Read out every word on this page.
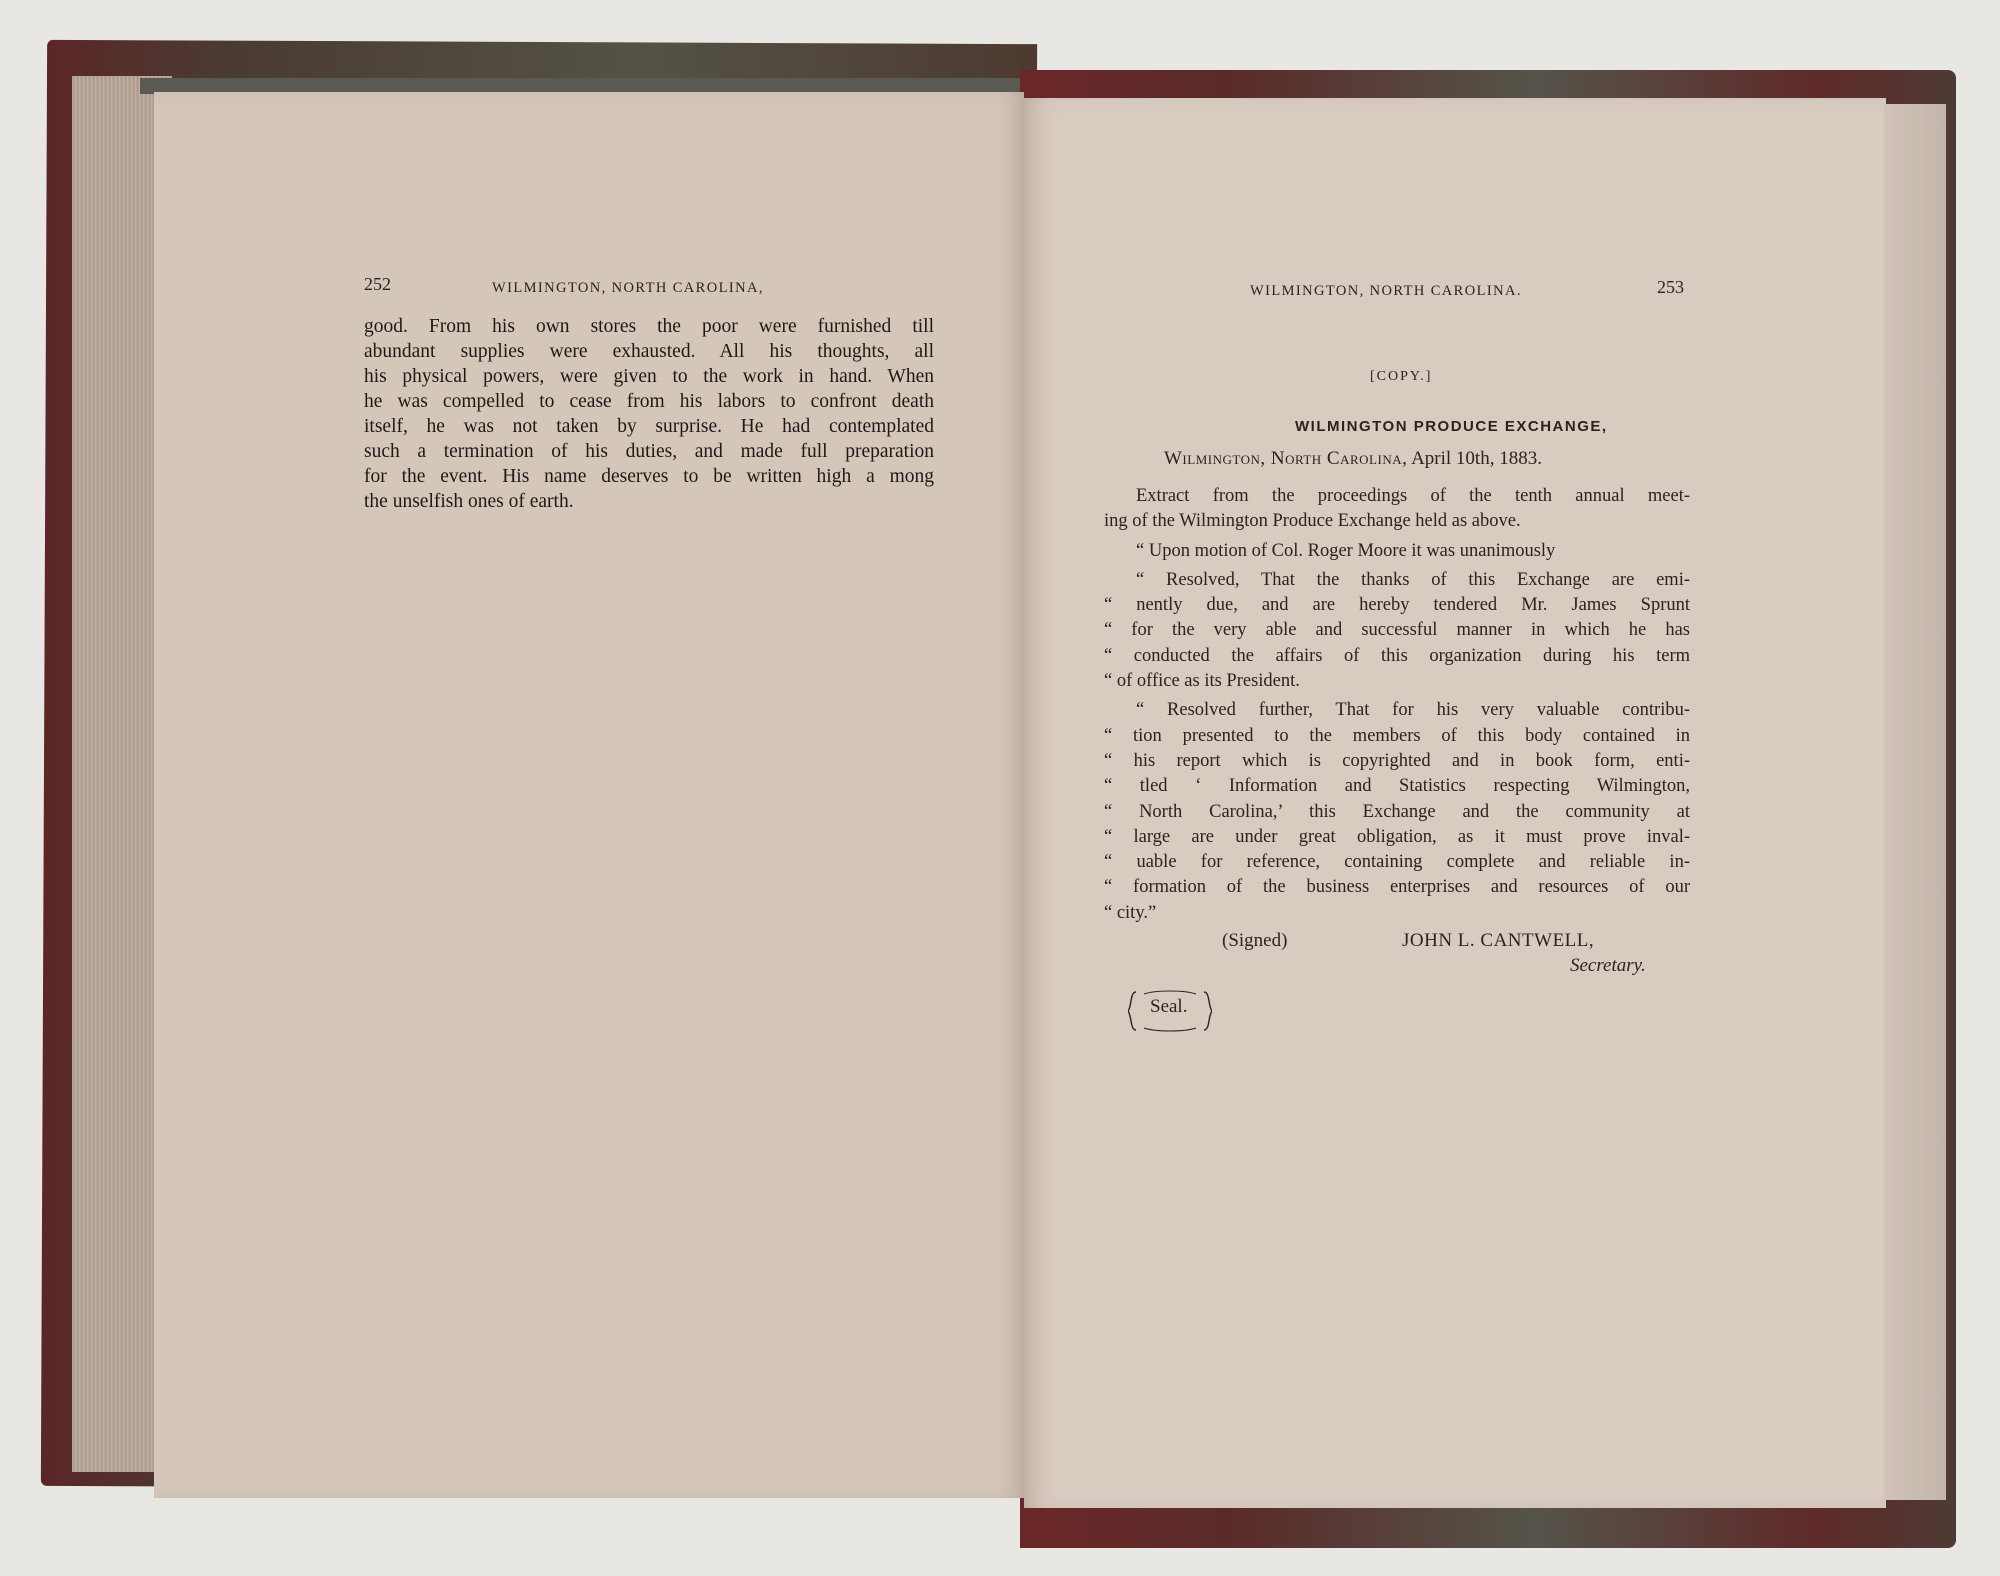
252	WILMINGTON, NORTH CAROLINA,
good. From his own stores the poor were furnished till
abundant supplies were exhausted. All his thoughts, all
his physical powers, were given to the work in hand. When
he was compelled to cease from his labors to confront death
itself, he was not taken by surprise. He had contemplated
such a termination of his duties, and made full preparation
for the event. His name deserves to be written high a mong
the unselfish ones of earth.
WILMINGTON, NORTH CAROLINA.	253
[COPY.]
WILMINGTON PRODUCE EXCHANGE,
Wilmington, North Carolina, April 10th, 1883.

Extract from the proceedings of the tenth annual meet-
ing of the Wilmington Produce Exchange held as above.

“ Upon motion of Col. Roger Moore it was unanimously

“ Resolved, That the thanks of this Exchange are emi-
“ nently due, and are hereby tendered Mr. James Sprunt
“ for the very able and successful manner in which he has
“ conducted the affairs of this organization during his term
“ of office as its President.

“ Resolved further, That for his very valuable contribu-
“ tion presented to the members of this body contained in
“ his report which is copyrighted and in book form, enti-
“ tled ‘ Information and Statistics respecting Wilmington,
“ North Carolina,’ this Exchange and the community at
“ large are under great obligation, as it must prove inval-
“ uable for reference, containing complete and reliable in-
“ formation of the business enterprises and resources of our
“ city.”

(Signed)	JOHN L. CANTWELL,
Secretary.
Seal.
